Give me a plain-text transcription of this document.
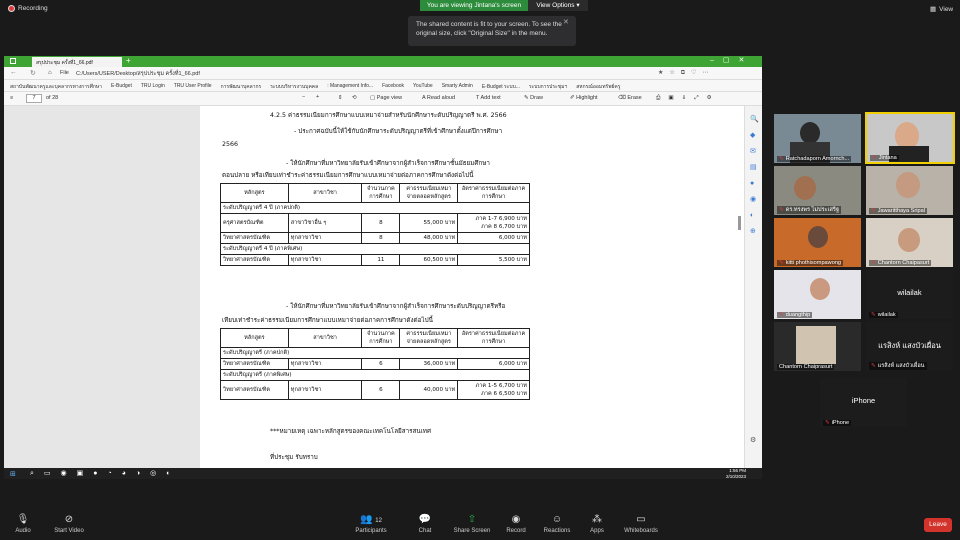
Recording	You are viewing Jintana's screen	View Options ▾
▦ View
สรุปประชุม ครั้งที่1_66.pdf	+	–▢✕
← ↻ ⌂ File C:/Users/USER/Desktop/สรุปประชุม ครั้งที่1_66.pdf	★☆⧉♡⋯
สถาบันพัฒนาครูและบุคลากรทางการศึกษา E-Budget TRU Login TRU User Profile การพัฒนาบุคลากร ระบบบริหารงานบุคคล : Management Info... Facebook YouTube Smarty Admin E-Budget ระบบ... ระบบการประชุมฯ สหกรณ์ออมทรัพย์ครู
≡	7	of 28	− +	⇕ ⟲ ▢ Page view	A Read aloud	T Add text	✎ Draw	✐ Highlight	⌫ Erase	⎙▣⇓⤢⚙
4.2.5 ค่าธรรมเนียมการศึกษาแบบเหมาจ่ายสำหรับนักศึกษาระดับปริญญาตรี พ.ศ. 2566
- ประกาศฉบับนี้ให้ใช้กับนักศึกษาระดับปริญญาตรีที่เข้าศึกษาตั้งแต่ปีการศึกษา
2566
- ให้นักศึกษาที่มหาวิทยาลัยรับเข้าศึกษาจากผู้สำเร็จการศึกษาชั้นมัธยมศึกษา
ตอนปลาย หรือเทียบเท่าชำระค่าธรรมเนียมการศึกษาแบบเหมาจ่ายต่อภาคการศึกษาดังต่อไปนี้
หลักสูตร	สาขาวิชา	จำนวนภาคการศึกษา	ค่าธรรมเนียมเหมาจ่ายตลอดหลักสูตร	อัตราค่าธรรมเนียมต่อภาคการศึกษา
ระดับปริญญาตรี 4 ปี (ภาคปกติ)				
ครุศาสตรบัณฑิต	สาขาวิชาอื่น ๆ	8	55,000 บาท	ภาค 1-7 6,900 บาท
ภาค 8 6,700 บาท

วิทยาศาสตรบัณฑิต	ทุกสาขาวิชา	8	48,000 บาท	6,000 บาท
ระดับปริญญาตรี 4 ปี (ภาคพิเศษ)				
วิทยาศาสตรบัณฑิต	ทุกสาขาวิชา	11	60,500 บาท	5,500 บาท
- ให้นักศึกษาที่มหาวิทยาลัยรับเข้าศึกษาจากผู้สำเร็จการศึกษาระดับปริญญาตรีหรือ
เทียบเท่าชำระค่าธรรมเนียมการศึกษาแบบเหมาจ่ายต่อภาคการศึกษาดังต่อไปนี้
หลักสูตร	สาขาวิชา	จำนวนภาคการศึกษา	ค่าธรรมเนียมเหมาจ่ายตลอดหลักสูตร	อัตราค่าธรรมเนียมต่อภาคการศึกษา
ระดับปริญญาตรี (ภาคปกติ)				
วิทยาศาสตรบัณฑิต	ทุกสาขาวิชา	6	36,000 บาท	6,000 บาท
ระดับปริญญาตรี (ภาคพิเศษ)				
วิทยาศาสตรบัณฑิต	ทุกสาขาวิชา	6	40,000 บาท	ภาค 1-5 6,700 บาท
ภาค 6 6,500 บาท
***หมายเหตุ เฉพาะหลักสูตรของคณะเทคโนโลยีสารสนเทศ
ที่ประชุม รับทราบ
🔍
◆
✉
▤
●
◉
◐
⊕
⚙
⊞ ⌕▭◉▣●◔◕◑◎◐	1:56 PM
2/10/2023
The shared content is fit to your screen. To see the original size, click "Original Size" in the menu.
✕
✎ Ratchadaporn Amornch...	✎ Jintana
✎ ดร.ทรงพร ไม่ประเสริฐ	✎ Jawaritthaya Sripal
✎ kitti phothisompawong	✎ Chantorn Chaipasurt
✎ duangthip
wilailak
✎ wilailak
Chantorn Chaiprasurt
แรสิงห์ แสงบัวเผื่อน
✎ แรสิงห์ แสงบัวเผื่อน
iPhone
✎ iPhone
🎙
Audio
⊘
Start Video
👥 12
Participants
💬
Chat
⇧
Share Screen
◉
Record
☺
Reactions
⁂
Apps
▭
Whiteboards
Leave
